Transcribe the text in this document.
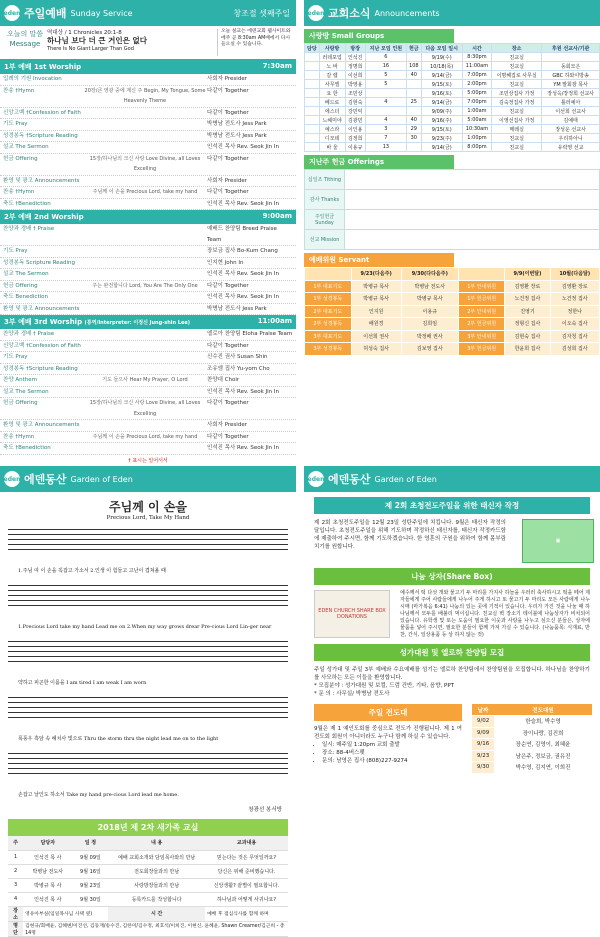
eden 주일예배 Sunday Service	창조절 셋째주일
오늘의 말씀
Message
역대상 / 1 Chronicles 20:1-8
하나님 보다 더 큰 거인은 없다
There Is No Giant Larger Than God
오늘 설교는 에덴교회 웹사이트와 에주 곧 8:30am AM배에서 다시 들으실 수 있습니다.
1부 예배 1st Worship	7:30am
입례의 기원 Invocation	사회자 Presider
찬송 †Hymn	20장/큰 영광 중에 계신 주 Begin, My Tongue, Some Heavenly Theme
다같이 Together
신앙고백 †Confession of Faith	다같이 Together
기도 Pray	박병남 전도사 Jess Park
성경봉독 †Scripture Reading	박병남 전도사 Jess Park
설교 The Sermon	인석진 목사 Rev. Seok Jin In
헌금 Offering	15장/하나님의 크신 사랑 Love Divine, all Loves Excelling
다같이 Together
환영 및 광고 Announcements	사회자 Presider
찬송 †Hymn	주님께 이 손을 Precious Lord, take my hand	다같이 Together
축도 †Benediction	인석진 목사 Rev. Seok Jin In
2부 예배 2nd Worship	9:00am
찬양과 경배 † Praise	예배드 찬양팀 Breed Praise Team
기도 Pray	장보금 집사 Bo-Kum Chang
성경봉독 Scripture Reading	인지현 John In
설교 The Sermon	인석진 목사 Rev. Seok Jin In
헌금 Offering	주는 완전합니다 Lord, You Are The Only One	다같이 Together
축도 Benediction	인석진 목사 Rev. Seok Jin In
환영 및 광고 Announcements	박병남 전도사 Jess Park
3부 예배 3rd Worship (통역/Interpreter: 이정신 Jung-shin Lee)	11:00am
찬양과 경배 † Praise	엘로아 찬양팀 Eloha Praise Team
신앙고백 †Confession of Faith	다같이 Together
기도 Pray	신수진 권사 Susan Shin
성경봉독 †Scripture Reading	조유엠 집사 Yu-yom Cho
찬양 Anthem	기도 들으사 Hear My Prayer, O Lord	찬양대 Choir
설교 The Sermon	인석진 목사 Rev. Seok Jin In
헌금 Offering	15장/하나님의 크신 사랑 Love Divine, all Loves Excelling
다같이 Together
환영 및 광고 Announcements	사회자 Presider
찬송 †Hymn	주님께 이 손을 Precious Lord, take my hand	다같이 Together
축도 †Benediction	인석진 목사 Rev. Seok Jin In
† 표시는 일어서서
eden 교회소식 Announcements
사랑방 Small Groups
담당	사랑방	방장	지난 모임 인원	헌금	다음 모임 일시	시간	장소	후원 선교사/기관
	러데포업	인석진	6		9/19(수)	8:30pm	친교실	
	노 바	정명희	16	108	10/18(목)	11:00am	친교실	동회모은
	갈 렙	이선희	5	40	9/14(금)	7:00pm	이명혜집로 사무실	GBC 하와이방송
	사무엘	박영용	5		9/15(토)	2:00pm	친교실	YM 말회잠 목사
	요 한	조민상			9/16(토)	5:00pm	조민상집사 가정	장성옥/장정희 선교사
	베드로	김현숙	4	25	9/14(금)	7:00pm	김숙정집사 가정	틀러예아
	에스더	강민익			9/09(주)	1:00am	친교실	이선희 선교사
	느헤미야	김광민	4	40	9/16(주)	5:00am	이영선집사 가정	김예태
	예스라	이인용	3	29	9/15(토)	10:30am	메레실	장성운 선교사
	디모데	김정희	7	30	9/23(주)	1:00pm	친교실	우리하아니
	바 울	이용규	13		9/14(금)	8:00pm	친교실	유락영 선교
지난주 헌금 Offerings
십일조 Tithing	
감사 Thanks	
주일헌금 Sunday	
선교 Mission	
예배위원 Servant
	9/23(다음주)	9/30(다다음주)		9/9(이번달)	10월(다음달)
1부 대표기도	박병규 목사	박병남 전도사	1부 안내위원	김영환 장로	김영환 장로
1부 성경봉독	박병규 목사	박병규 목사	1부 헌금위원	노건정 집사	노건정 집사
2부 대표기도	인지원	이용규	2부 안내위원	진영기	정한나
2부 성경봉독	배원경	김희임	2부 헌금위원	정형신 집사	이오숙 집사
3부 대표기도	이선희 권사	박정배 권사	3부 안내위원	김현숙 집사	김자청 집사
3부 성경봉독	허성숙 집사	김보영 집사	3부 헌금위원	한윤희 집사	김성희 집사
eden 에덴동산 Garden of Eden
주님께 이 손을
Precious Lord, Take My Hand
1.주님 여 이 손을 꼭잡고 가소서 2.인생 이 힘들고 고난이 겹쳐올 때
1.Precious Lord take my hand Lead me on 2.When my way grows drear Pre-cious Lord Lin-ger near
약하고 피곤한 이몸을 I am tired I am weak I am worn
폭풍우 흑암 속 헤치사 빛으로 Thru the storm thru the night lead me on to the light
손잡고 날인도 하소서 Take my hand pre-cious Lord lead me home.
창광선 봉서방
2018년 제 2차 새가족 교실
주	담당자	일 정	내 용	교과내용
1	인석진 목 사	9월 09일	예배 교회소개와 담임목사와의 만남	믿는다는 것은 무엇일까요?
2	박병남 전도사	9월 16일	전도회장들과의 만남	당신은 위해 준비했습니다.
3	박병규 목 사	9월 23일	사랑방장들과의 만남	신앙생활? 끝별이 필요합니다.
4	인석진 목 사	9월 30일	등록카드를 작성합니다	하나님과 어떻게 사귀나요?
장 소	영유아부실(임일목사님 사택 옆)		시 간	예배 후 점심식사를 함께 하며
명 단	김현규/회배윤, 김혜변/이진선, 김동재/송수진, 김한미/김수정, 최호석/이희진, 이현신, 윤혜윤, Shawn Creamer/김근희 - 총 14명			
eden 에덴동산 Garden of Eden
제 2회 초청전도주일을 위한 태신자 작정
제 2회 초청전도주일을 12월 23일 성탄주일에 치킵니다. 9월은 태신자 작정의 달입니다. 초청전도주일을 위해 기도하며 작정하신 태신자를, 태신자 작정카드함에 제출하여 주시면, 함께 기도하겠습니다. 한 영혼의 구원을 위하여 함께 몸부림 치기를 원합니다.
▣
나눔 상자(Share Box)
EDEN CHURCH SHARE BOX DONATIONS
예수께서 떡 다섯 개와 물고기 두 마리를 가지사 하늘을 우러러 축사하시고 떡을 떼어 제자들에게 주어 사람들에게 나누어 주게 하시고 또 물고기 두 마리도 모든 사람에게 나누시매 (마가복음 6:41) 나눔의 있는 곳에 기적이 있습니다. 우리가 가진 것을 나눌 때 하나님께서 모두를 배불리 먹이십니다. 친교실 벽 장소기 테이블에 나눔상자가 비치되어 있습니다. 유학생 및 또는 도움이 필요한 이웃과 사랑을 나누고 싶으신 분들은, 상자에 물품을 넣어 주시면, 필요한 분들이 함께 가져 가실 수 있습니다. (나눔품목: 식재료, 반찬, 간식, 일상용품 등 상 하지 않는 것)
성가대원 및 엘로하 찬양팀 모집
주일 성가대 및 주일 3부 예배와 수요예배를 섬기는 엘로하 찬양팀에서 찬양팀원을 모집합니다. 하나님을 찬양하기를 사모하는 모든 이들을 환영합니다.
* 모집분야 : 성가대원 및 보컬, 드럼 건반, 기타, 음향, PPT
* 문 의 : 사무실/ 박병남 전도사
주일 전도대
9월은 제 1 예인도회를 중심으로 전도가 진행됩니다. 제 1 여 전도회 회원이 아니더라도 누구나 함께 하실 수 있습니다.
• 일시: 매주일 1:20pm 교회 출발
• 장소: 88-4버스팻
• 문의: 남영은 집사 (808)227-9274
날짜	전도대원
9/02	한슬희, 박수영
9/09	장이나랑, 김진희
9/16	장순연, 김영이, 최혜윤
9/23	남은주, 정보금, 권유진
9/30	박수영, 김지연, 이희진
